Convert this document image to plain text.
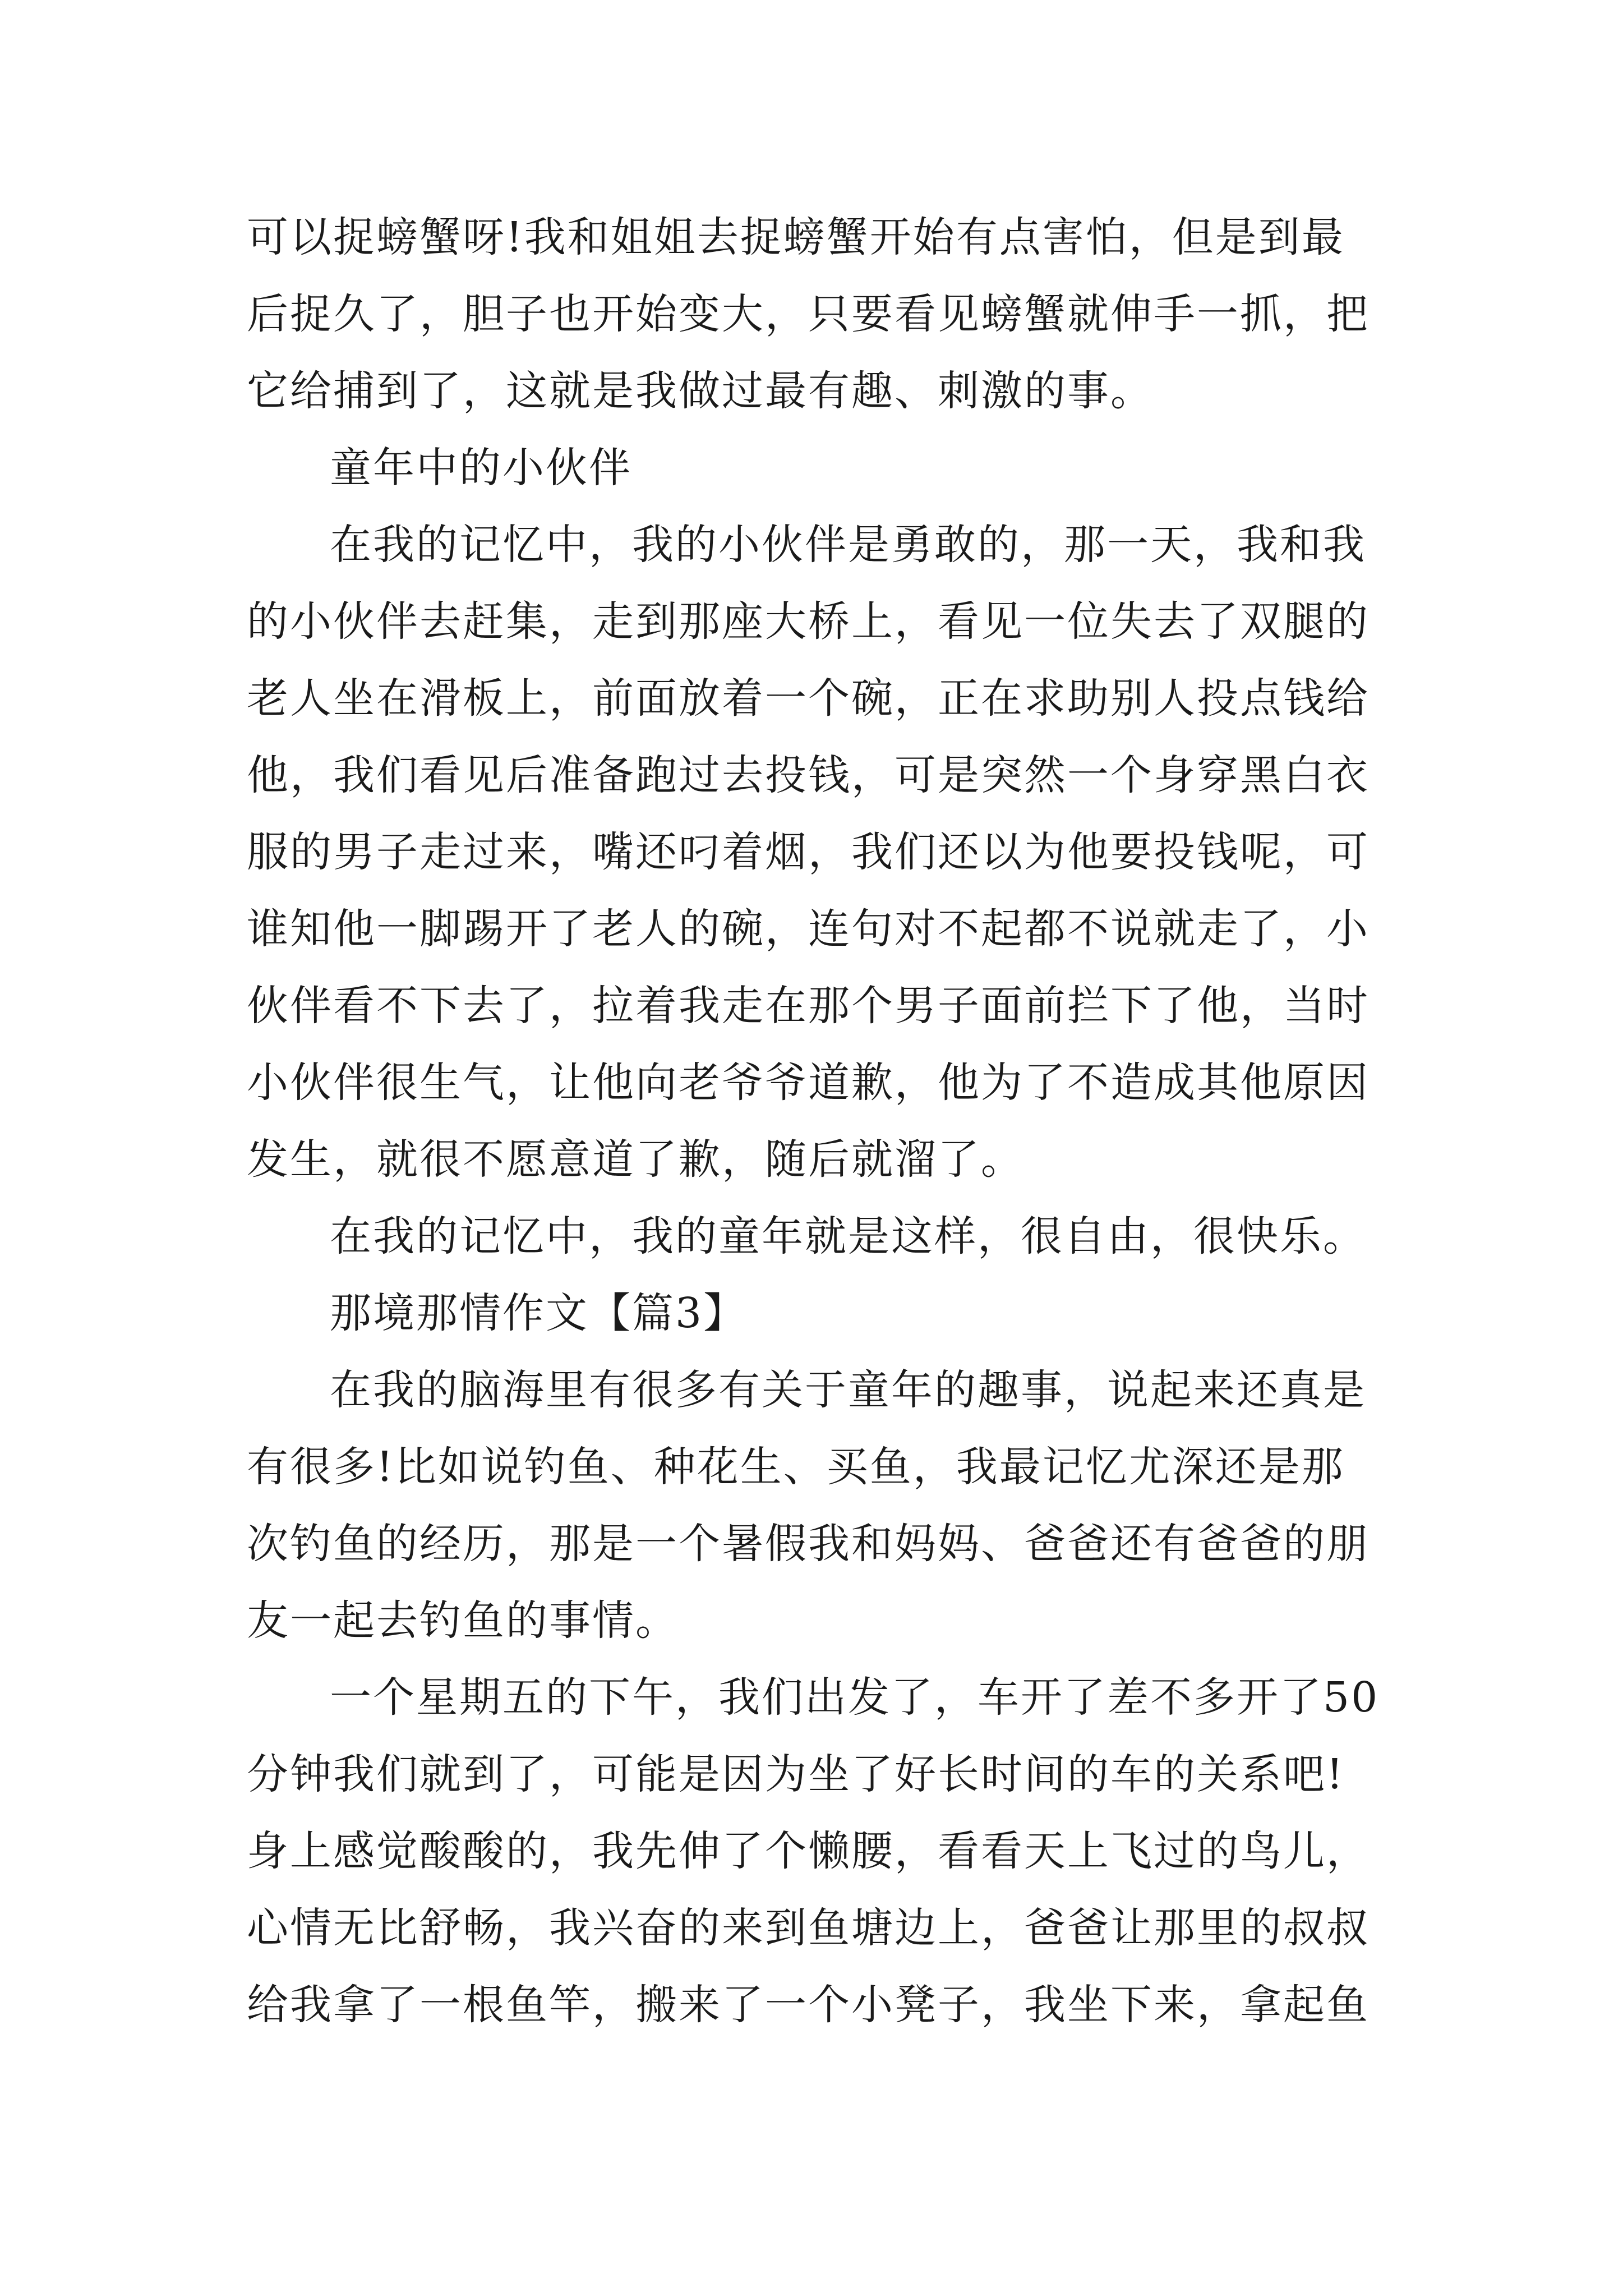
可以捉螃蟹呀!我和姐姐去捉螃蟹开始有点害怕，但是到最
后捉久了，胆子也开始变大，只要看见螃蟹就伸手一抓，把
它给捕到了，这就是我做过最有趣、刺激的事。
童年中的小伙伴
在我的记忆中，我的小伙伴是勇敢的，那一天，我和我
的小伙伴去赶集，走到那座大桥上，看见一位失去了双腿的
老人坐在滑板上，前面放着一个碗，正在求助别人投点钱给
他，我们看见后准备跑过去投钱，可是突然一个身穿黑白衣
服的男子走过来，嘴还叼着烟，我们还以为他要投钱呢，可
谁知他一脚踢开了老人的碗，连句对不起都不说就走了，小
伙伴看不下去了，拉着我走在那个男子面前拦下了他，当时
小伙伴很生气，让他向老爷爷道歉，他为了不造成其他原因
发生，就很不愿意道了歉，随后就溜了。
在我的记忆中，我的童年就是这样，很自由，很快乐。
那境那情作文【篇3】
在我的脑海里有很多有关于童年的趣事，说起来还真是
有很多!比如说钓鱼、种花生、买鱼，我最记忆尤深还是那
次钓鱼的经历，那是一个暑假我和妈妈、爸爸还有爸爸的朋
友一起去钓鱼的事情。
一个星期五的下午，我们出发了，车开了差不多开了50
分钟我们就到了，可能是因为坐了好长时间的车的关系吧!
身上感觉酸酸的，我先伸了个懒腰，看看天上飞过的鸟儿，
心情无比舒畅，我兴奋的来到鱼塘边上，爸爸让那里的叔叔
给我拿了一根鱼竿，搬来了一个小凳子，我坐下来，拿起鱼
